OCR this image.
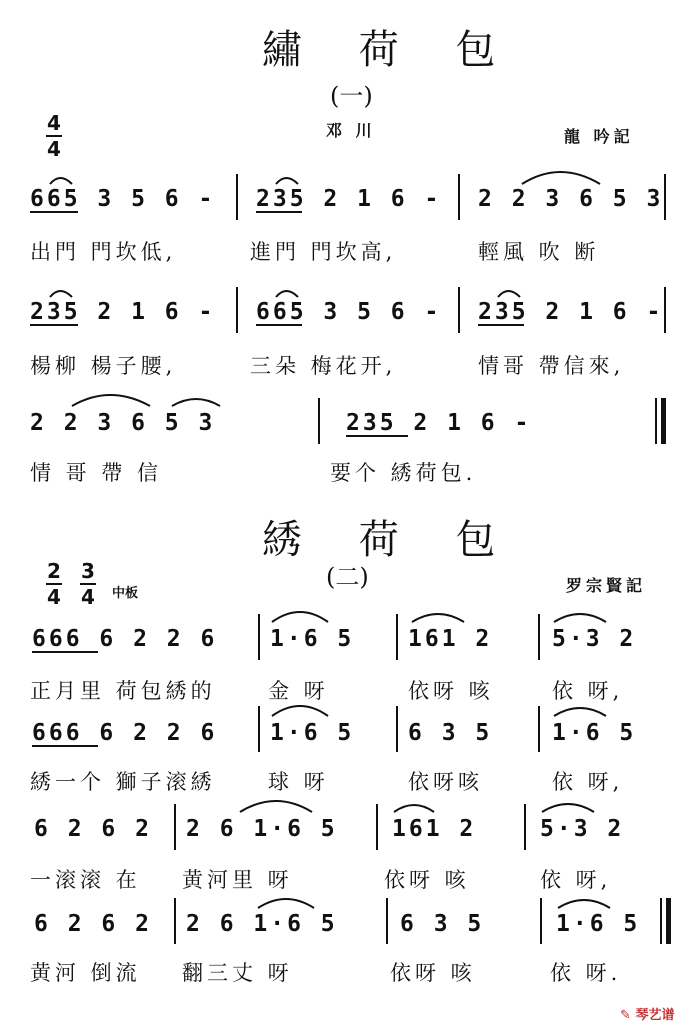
繡 荷 包
(一)
4
4
邓 川	龍 吟記
665 3 5 6 - 235 2 1 6 - 2 2 3 6 5 3
出門 門坎低,	進門 門坎高,	輕風 吹 断
235 2 1 6 - 665 3 5 6 - 235 2 1 6 -
楊柳 楊子腰,	三朵 梅花开,	情哥 帶信來,
2 2 3 6 5 3	235 2 1 6 -
情 哥 帶 信	要个 綉荷包.
綉 荷 包
(二)
2
4
3
4 中板	罗宗賢記
666 6 2 2 6 1·6 5 161 2	5·3 2
正月里 荷包綉的 金 呀	依呀 咳	依 呀,
666 6 2 2 6 1·6 5 6 3 5	1·6 5
綉一个 獅子滚綉 球 呀	依呀咳	依 呀,
6 2 6 2 2 6 1·6 5 161 2	5·3 2
一滚滚 在 黄河里 呀	依呀 咳	依 呀,
6 2 6 2 2 6 1·6 5	6 3 5	1·6 5
黄河 倒流 翻三丈 呀	依呀 咳	依 呀.
✎ 琴艺谱
